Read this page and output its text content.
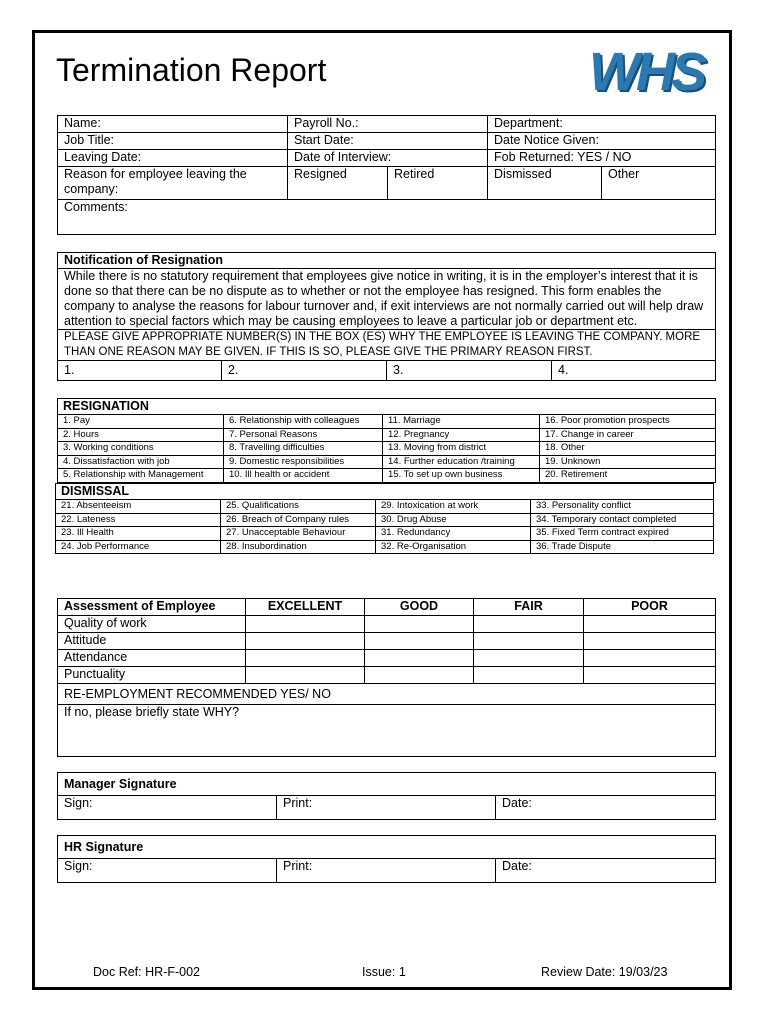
Termination Report	WHS
Name:	Payroll No.:		Department:	
Job Title:	Start Date:		Date Notice Given:	
Leaving Date:	Date of Interview:		Fob Returned: YES / NO	
Reason for employee leaving the company:	Resigned	Retired	Dismissed	Other
Comments:				
Notification of Resignation
While there is no statutory requirement that employees give notice in writing, it is in the employer’s interest that it is done so that there can be no dispute as to whether or not the employee has resigned. This form enables the company to analyse the reasons for labour turnover and, if exit interviews are not normally carried out will help draw attention to special factors which may be causing employees to leave a particular job or department etc.
PLEASE GIVE APPROPRIATE NUMBER(S) IN THE BOX (ES) WHY THE EMPLOYEE IS LEAVING THE COMPANY. MORE THAN ONE REASON MAY BE GIVEN. IF THIS IS SO, PLEASE GIVE THE PRIMARY REASON FIRST.
1.	2.	3.	4.
RESIGNATION			
1. Pay	6. Relationship with colleagues	11. Marriage	16. Poor promotion prospects
2. Hours	7. Personal Reasons	12. Pregnancy	17. Change in career
3. Working conditions	8. Travelling difficulties	13. Moving from district	18. Other
4. Dissatisfaction with job	9. Domestic responsibilities	14. Further education /training	19. Unknown
5. Relationship with Management	10. Ill health or accident	15. To set up own business	20. Retirement
DISMISSAL			
21. Absenteeism	25. Qualifications	29. Intoxication at work	33. Personality conflict
22. Lateness	26. Breach of Company rules	30. Drug Abuse	34. Temporary contact completed
23. Ill Health	27. Unacceptable Behaviour	31. Redundancy	35. Fixed Term contract expired
24. Job Performance	28. Insubordination	32. Re-Organisation	36. Trade Dispute
Assessment of Employee	EXCELLENT	GOOD	FAIR	POOR
Quality of work				
Attitude				
Attendance				
Punctuality				
RE-EMPLOYMENT RECOMMENDED YES/ NO				
If no, please briefly state WHY?				
Manager Signature
Sign:	Print:	Date:
HR Signature
Sign:	Print:	Date:
Doc Ref: HR-F-002	Issue: 1	Review Date: 19/03/23
